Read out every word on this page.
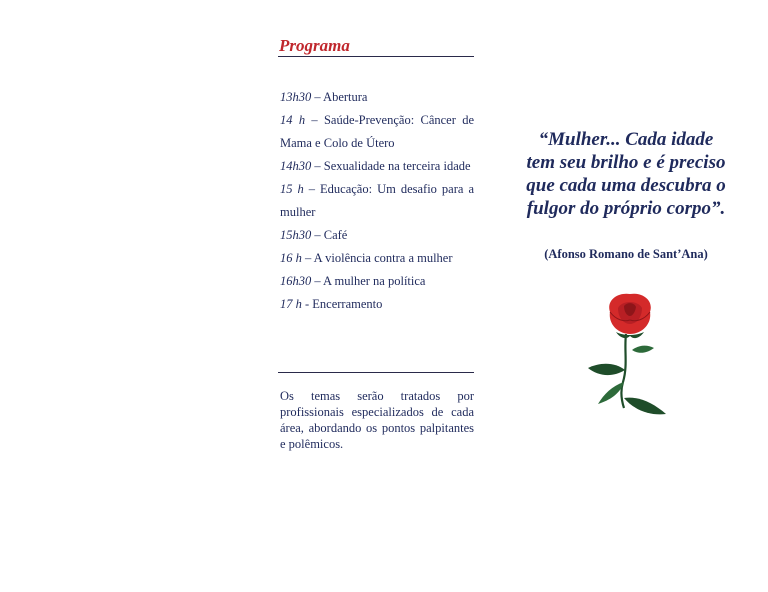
Programa
13h30 – Abertura
14 h – Saúde-Prevenção: Câncer de Mama e Colo de Útero
14h30 – Sexualidade na terceira idade
15 h – Educação: Um desafio para a mulher
15h30 – Café
16 h – A violência contra a mulher
16h30 – A mulher na política
17 h - Encerramento
Os temas serão tratados por profissionais especializados de cada área, abordando os pontos palpitantes e polêmicos.
“Mulher... Cada idade tem seu brilho e é preciso que cada uma descubra o fulgor do próprio corpo”.
(Afonso Romano de Sant’Ana)
